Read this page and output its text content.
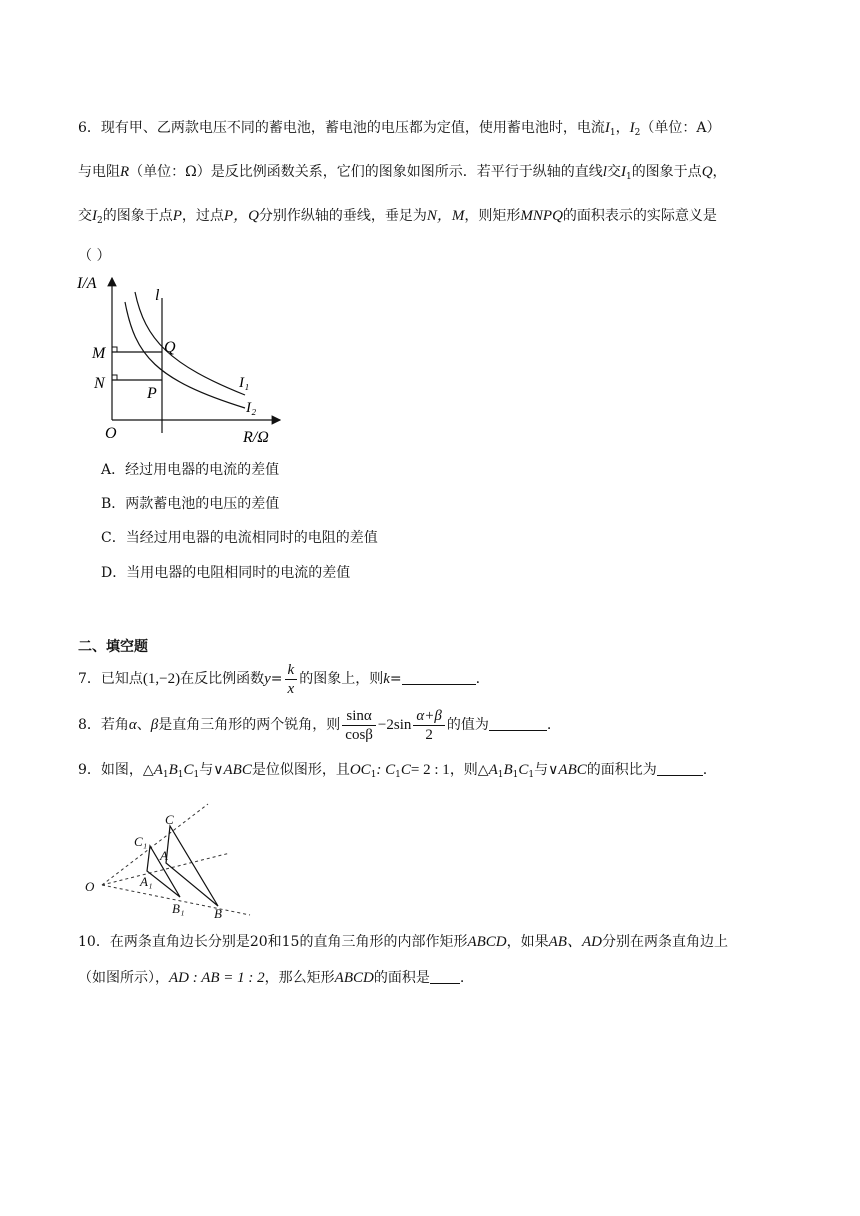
6．现有甲、乙两款电压不同的蓄电池，蓄电池的电压都为定值，使用蓄电池时，电流$I_1$，$I_2$（单位：A）
与电阻R（单位：Ω）是反比例函数关系，它们的图象如图所示．若平行于纵轴的直线l交$I_1$的图象于点Q，
交$I_2$的图象于点P，过点P，Q分别作纵轴的垂线，垂足为N，M，则矩形MNPQ的面积表示的实际意义是
（ ）
I/A
l
M	Q
N
P
O	R/Ω
I₁
I₂
A．经过用电器的电流的差值
B．两款蓄电池的电压的差值
C．当经过用电器的电流相同时的电阻的差值
D．当用电器的电阻相同时的电流的差值
二、填空题
7．已知点(1,−2)在反比例函数$y= \frac{k}{x}$ 的图象上，则k=	.
8．若角α、β是直角三角形的两个锐角，则 $\frac{\sin\alpha}{\cos\beta} -2\sin \frac{\alpha+\beta}{2}$ 的值为	.
9．如图，$\triangle A_1B_1C_1$与∨ABC是位似图形，且$OC_1$: $C_1C= 2$ : 1，则$\triangle A_1B_1C_1$与∨ABC的面积比为	.
O
C
C₁
A
A₁
B₁ B
10．在两条直角边长分别是20和15的直角三角形的内部作矩形ABCD，如果AB、AD分别在两条直角边上
（如图所示），AD : AB = 1 : 2，那么矩形ABCD的面积是 .
